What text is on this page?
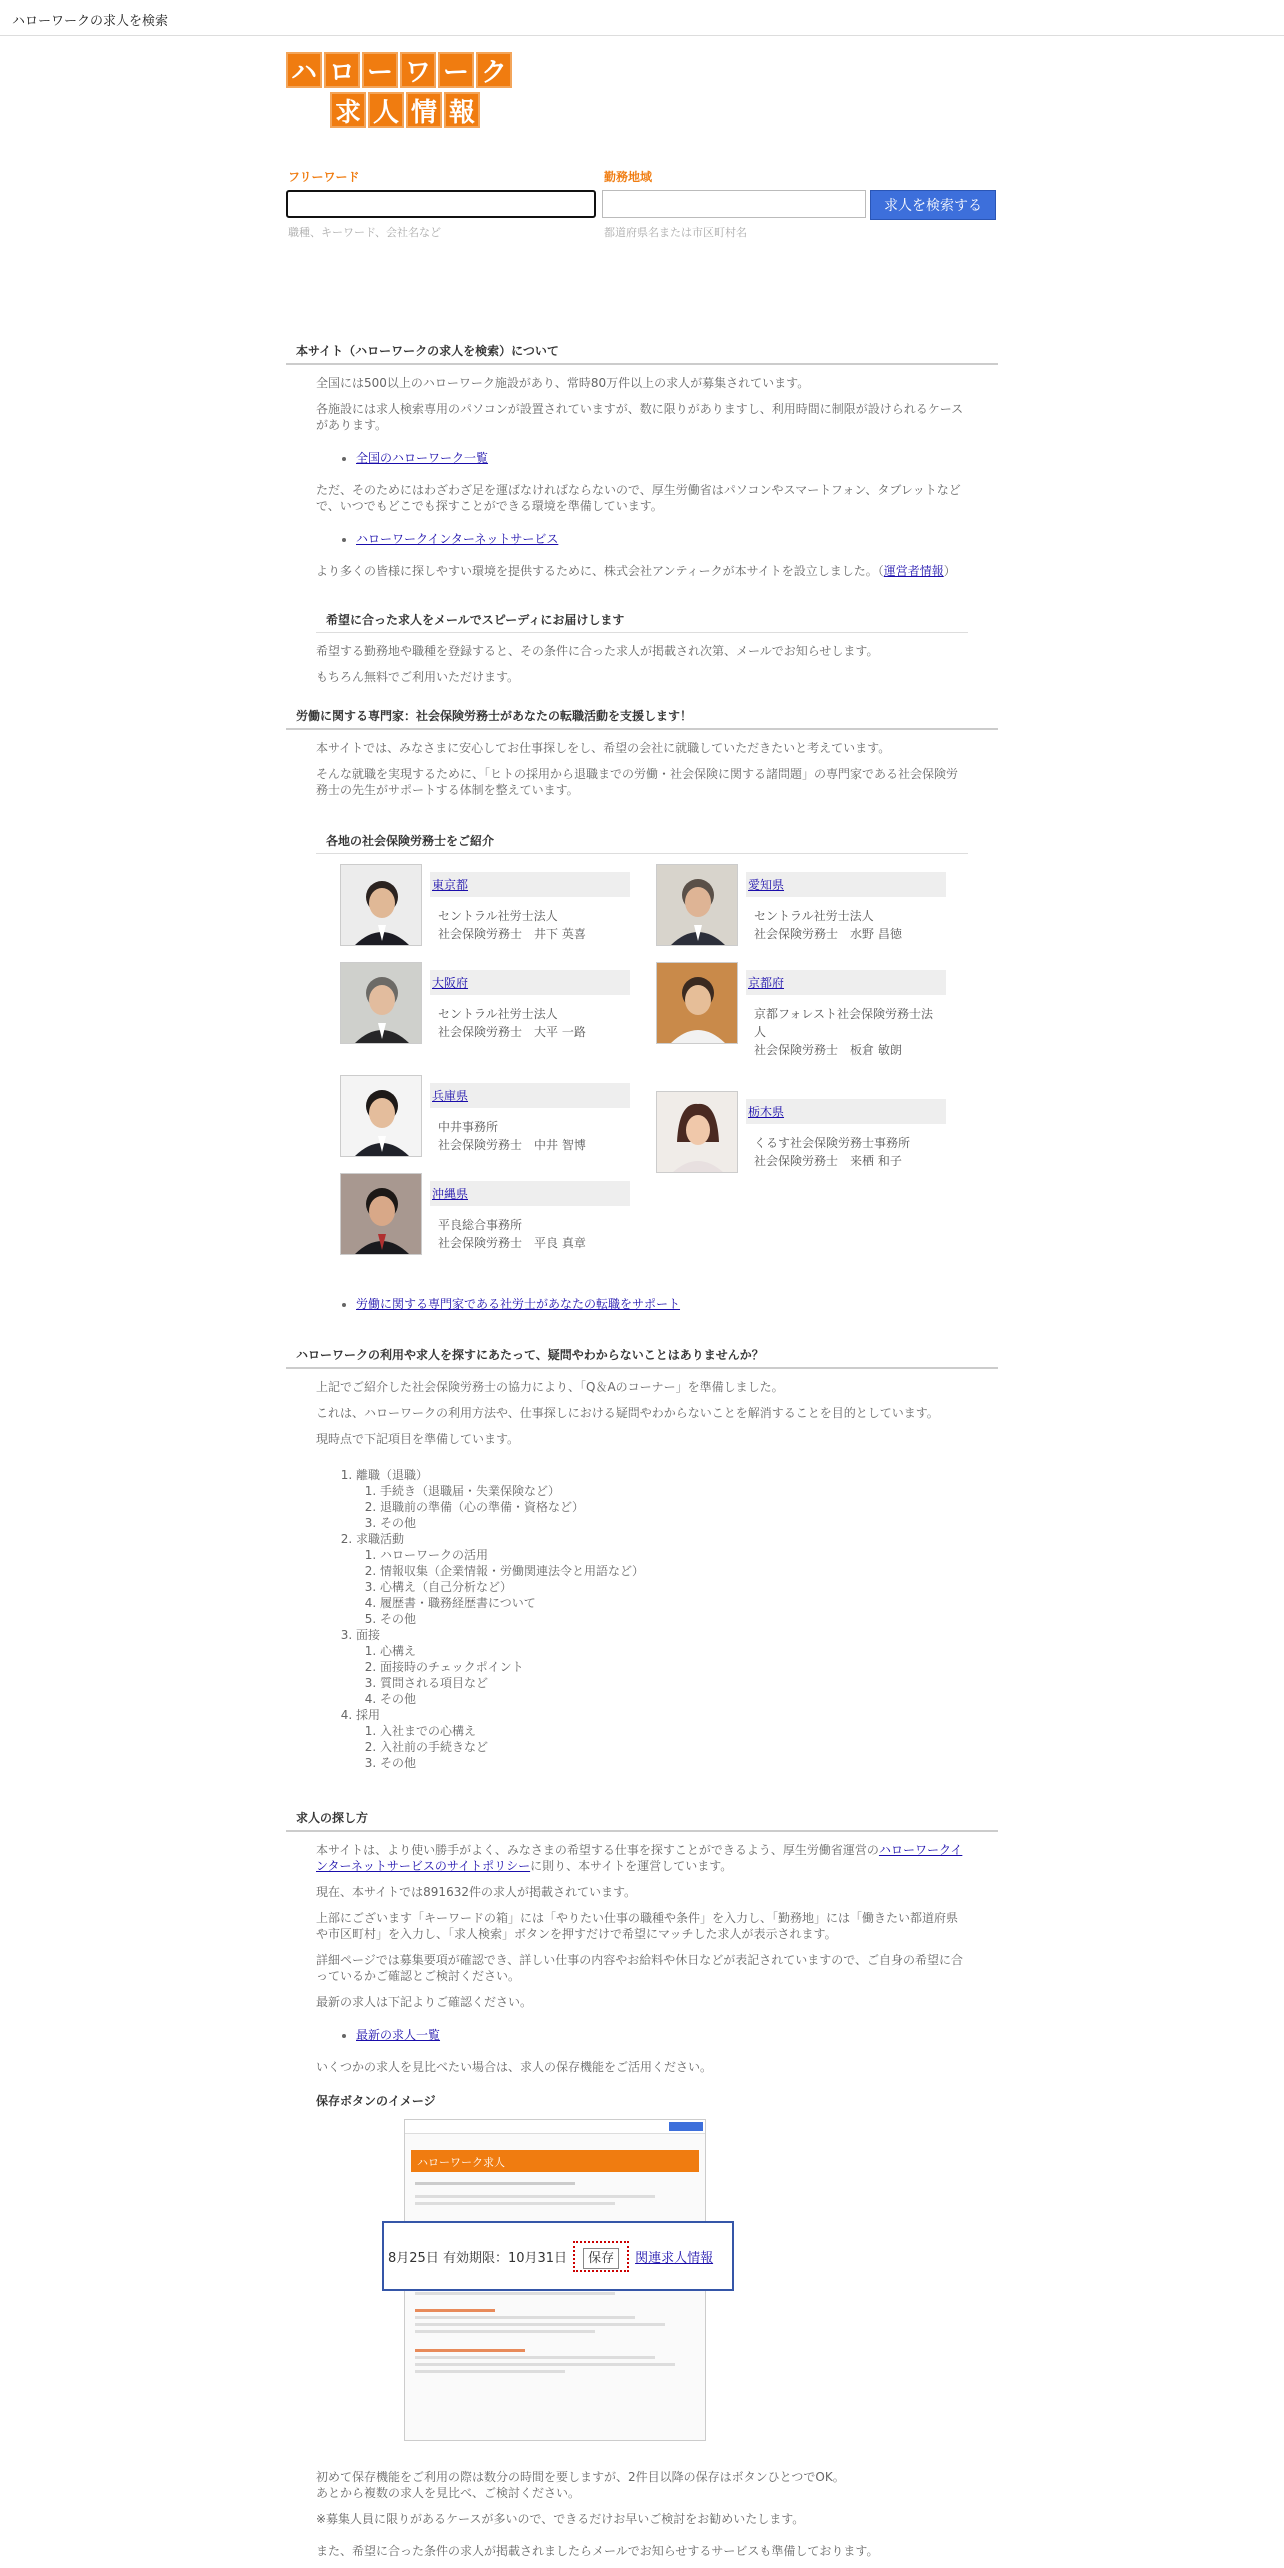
ハローワークの求人を検索
ハ ロ ー ワ ー ク
求 人 情 報
フリーワード
職種、キーワード、会社名など
勤務地域
都道府県名または市区町村名
求人を検索する
本サイト（ハローワークの求人を検索）について

全国には500以上のハローワーク施設があり、常時80万件以上の求人が募集されています。

各施設には求人検索専用のパソコンが設置されていますが、数に限りがありますし、利用時間に制限が設けられるケースがあります。

• 全国のハローワーク一覧

ただ、そのためにはわざわざ足を運ばなければならないので、厚生労働省はパソコンやスマートフォン、タブレットなどで、いつでもどこでも探すことができる環境を準備しています。

• ハローワークインターネットサービス

より多くの皆様に探しやすい環境を提供するために、株式会社アンティークが本サイトを設立しました。（運営者情報）

希望に合った求人をメールでスピーディにお届けします

希望する勤務地や職種を登録すると、その条件に合った求人が掲載され次第、メールでお知らせします。

もちろん無料でご利用いただけます。

労働に関する専門家：社会保険労務士があなたの転職活動を支援します！

本サイトでは、みなさまに安心してお仕事探しをし、希望の会社に就職していただきたいと考えています。

そんな就職を実現するために、「ヒトの採用から退職までの労働・社会保険に関する諸問題」の専門家である社会保険労務士の先生がサポートする体制を整えています。

各地の社会保険労務士をご紹介
東京都
セントラル社労士法人
社会保険労務士　井下 英喜
愛知県
セントラル社労士法人
社会保険労務士　水野 昌徳
大阪府
セントラル社労士法人
社会保険労務士　大平 一路
京都府
京都フォレスト社会保険労務士法人
社会保険労務士　板倉 敏朗
兵庫県
中井事務所
社会保険労務士　中井 智博
栃木県
くるす社会保険労務士事務所
社会保険労務士　来栖 和子
沖縄県
平良総合事務所
社会保険労務士　平良 真章
• 労働に関する専門家である社労士があなたの転職をサポート
ハローワークの利用や求人を探すにあたって、疑問やわからないことはありませんか？

上記でご紹介した社会保険労務士の協力により、「Q＆Aのコーナー」を準備しました。

これは、ハローワークの利用方法や、仕事探しにおける疑問やわからないことを解消することを目的としています。

現時点で下記項目を準備しています。

1. 離職（退職）
1. 手続き（退職届・失業保険など）
2. 退職前の準備（心の準備・資格など）
3. その他
2. 求職活動
1. ハローワークの活用
2. 情報収集（企業情報・労働関連法令と用語など）
3. 心構え（自己分析など）
4. 履歴書・職務経歴書について
5. その他
3. 面接
1. 心構え
2. 面接時のチェックポイント
3. 質問される項目など
4. その他
4. 採用
1. 入社までの心構え
2. 入社前の手続きなど
3. その他
求人の探し方

本サイトは、より使い勝手がよく、みなさまの希望する仕事を探すことができるよう、厚生労働省運営のハローワークインターネットサービスのサイトポリシーに則り、本サイトを運営しています。

現在、本サイトでは891632件の求人が掲載されています。

上部にございます「キーワードの箱」には「やりたい仕事の職種や条件」を入力し、「勤務地」には「働きたい都道府県や市区町村」を入力し、「求人検索」ボタンを押すだけで希望にマッチした求人が表示されます。

詳細ページでは募集要項が確認でき、詳しい仕事の内容やお給料や休日などが表記されていますので、ご自身の希望に合っているかご確認とご検討ください。

最新の求人は下記よりご確認ください。

• 最新の求人一覧

いくつかの求人を見比べたい場合は、求人の保存機能をご活用ください。

保存ボタンのイメージ

ハローワーク求人
8月25日
有効期限：10月31日	保存	関連求人情報

初めて保存機能をご利用の際は数分の時間を要しますが、2件目以降の保存はボタンひとつでOK。

あとから複数の求人を見比べ、ご検討ください。

※募集人員に限りがあるケースが多いので、できるだけお早いご検討をお勧めいたします。

また、希望に合った条件の求人が掲載されましたらメールでお知らせするサービスも準備しております。
